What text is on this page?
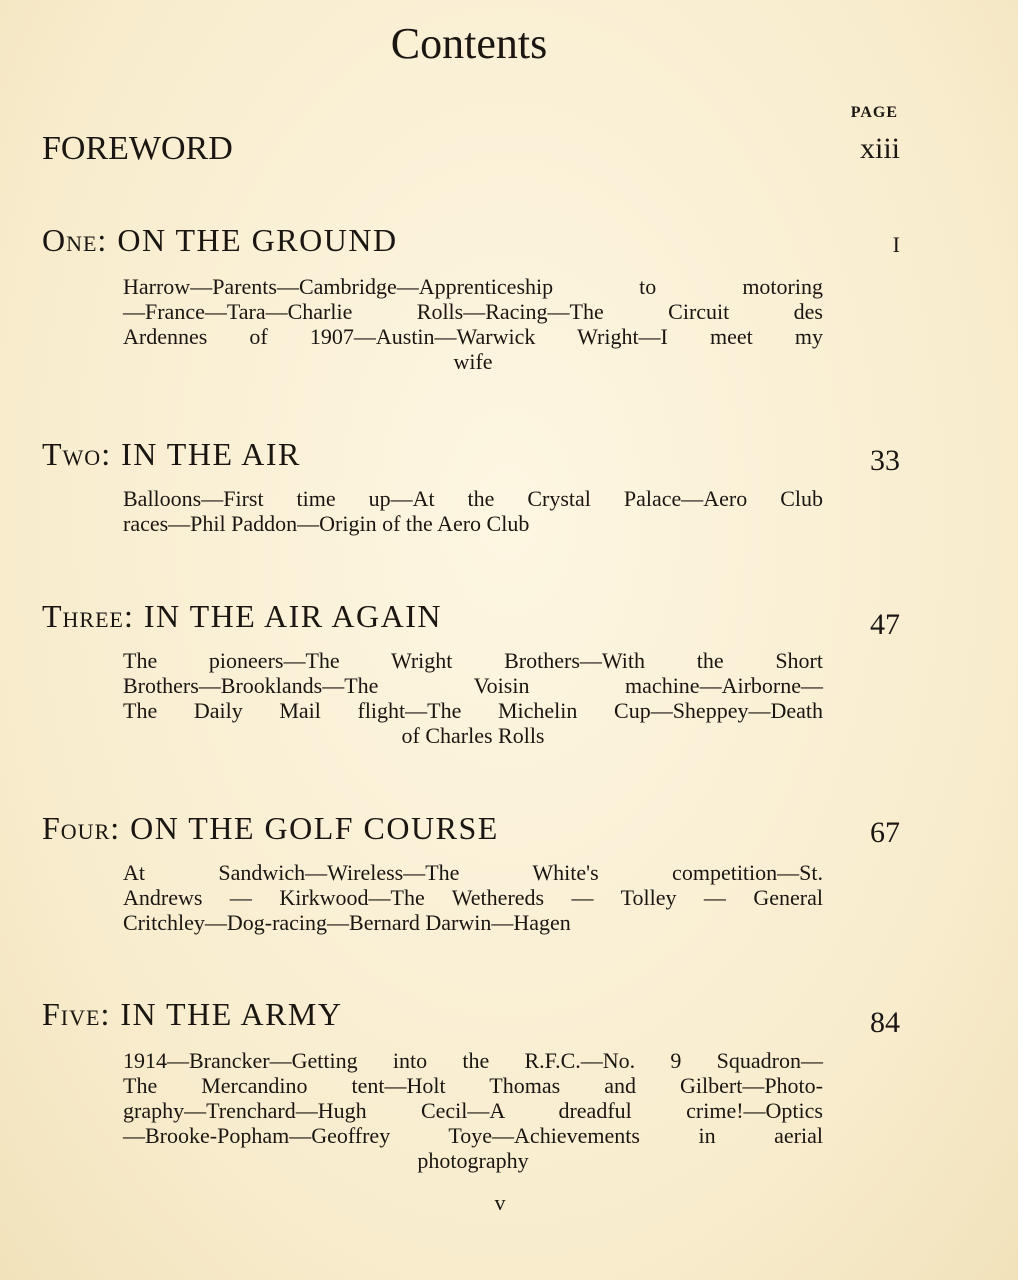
Contents
PAGE
FOREWORD	xiii
One: ON THE GROUND	I
Harrow—Parents—Cambridge—Apprenticeship to motoring
—France—Tara—Charlie Rolls—Racing—The Circuit des
Ardennes of 1907—Austin—Warwick Wright—I meet my
wife
Two: IN THE AIR	33
Balloons—First time up—At the Crystal Palace—Aero Club
races—Phil Paddon—Origin of the Aero Club
Three: IN THE AIR AGAIN	47
The pioneers—The Wright Brothers—With the Short
Brothers—Brooklands—The Voisin machine—Airborne—
The Daily Mail flight—The Michelin Cup—Sheppey—Death
of Charles Rolls
Four: ON THE GOLF COURSE	67
At Sandwich—Wireless—The White's competition—St.
Andrews — Kirkwood—The Wethereds — Tolley — General
Critchley—Dog-racing—Bernard Darwin—Hagen
Five: IN THE ARMY	84
1914—Brancker—Getting into the R.F.C.—No. 9 Squadron—
The Mercandino tent—Holt Thomas and Gilbert—Photo-
graphy—Trenchard—Hugh Cecil—A dreadful crime!—Optics
—Brooke-Popham—Geoffrey Toye—Achievements in aerial
photography
v
